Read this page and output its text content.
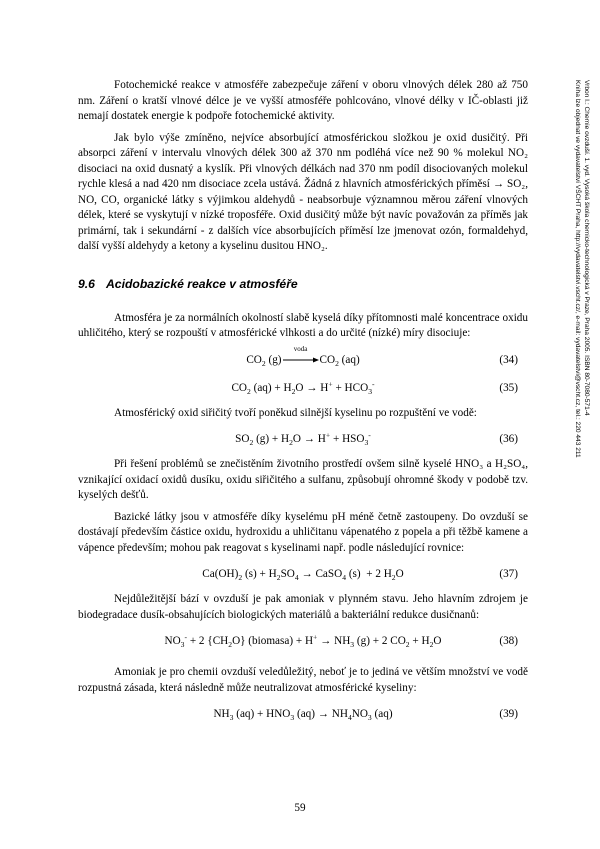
Fotochemické reakce v atmosféře zabezpečuje záření v oboru vlnových délek 280 až 750 nm. Záření o kratší vlnové délce je ve vyšší atmosféře pohlcováno, vlnové délky v IČ-oblasti již nemají dostatek energie k podpoře fotochemické aktivity.

Jak bylo výše zmíněno, nejvíce absorbující atmosférickou složkou je oxid dusičitý. Při absorpci záření v intervalu vlnových délek 300 až 370 nm podléhá více než 90 % molekul NO₂ disociaci na oxid dusnatý a kyslík. Při vlnových délkách nad 370 nm podíl disociovaných molekul rychle klesá a nad 420 nm disociace zcela ustává. Žádná z hlavních atmosférických příměsí → SO₂, NO, CO, organické látky s výjimkou aldehydů - neabsorbuje významnou měrou záření vlnových délek, které se vyskytují v nízké troposféře. Oxid dusičitý může být navíc považován za příměs jak primární, tak i sekundární - z dalších více absorbujících příměsí lze jmenovat ozón, formaldehyd, další vyšší aldehydy a ketony a kyselinu dusitou HNO₂.

9.6 Acidobazické reakce v atmosféře

Atmosféra je za normálních okolností slabě kyselá díky přítomnosti malé koncentrace oxidu uhličitého, který se rozpouští v atmosférické vlhkosti a do určité (nízké) míry disociuje:

$CO_2$ (g)
voda
$CO_2$ (aq)	(34)
$CO_2$ $(aq) + H_2O \to H^+ + HCO_3^-$	(35)

Atmosférický oxid siřičitý tvoří poněkud silnější kyselinu po rozpuštění ve vodě:

$SO_2$ $(g) + H_2O \to H^+ + HSO_3^-$	(36)

Při řešení problémů se znečistěním životního prostředí ovšem silně kyselé HNO₃ a H₂SO₄, vznikající oxidací oxidů dusíku, oxidu siřičitého a sulfanu, způsobují ohromné škody v podobě tzv. kyselých dešťů.

Bazické látky jsou v atmosféře díky kyselému pH méně četně zastoupeny. Do ovzduší se dostávají především částice oxidu, hydroxidu a uhličitanu vápenatého z popela a při těžbě kamene a vápence především; mohou pak reagovat s kyselinami např. podle následující rovnice:

$Ca(OH)_2$ $(s) + H_2SO_4$ → CaSO$_4$ (s)  + 2 $H_2O$	(37)

Nejdůležitější bází v ovzduší je pak amoniak v plynném stavu. Jeho hlavním zdrojem je biodegradace dusík-obsahujících biologických materiálů a bakteriální redukce dusičnanů:

$NO_3^- + 2$ $\{CH_2O\}$ (biomasa) + $H^+ \to NH_3$ (g) + 2 $CO_2 + H_2O$	(38)

Amoniak je pro chemii ovzduší veledůležitý, neboť je to jediná ve větším množství ve vodě rozpustná zásada, která následně může neutralizovat atmosférické kyseliny:

$NH_3$ $(aq) + HNO_3$ $(aq) \to NH_4NO_3$ (aq)	(39)
Vrbon I.: Chemie ovzduší. 1. vyd. Vysoká škola chemicko-technologická v Praze, Praha 2005. ISBN 80-7080-571-4
Kniha lze objednat ve vydavatelství VŠCHT Praha, http://vydavatelstvi.vscht.cz/, e-mail: vydavatelstvi@vscht.cz, tel.: 220 443 211
59
